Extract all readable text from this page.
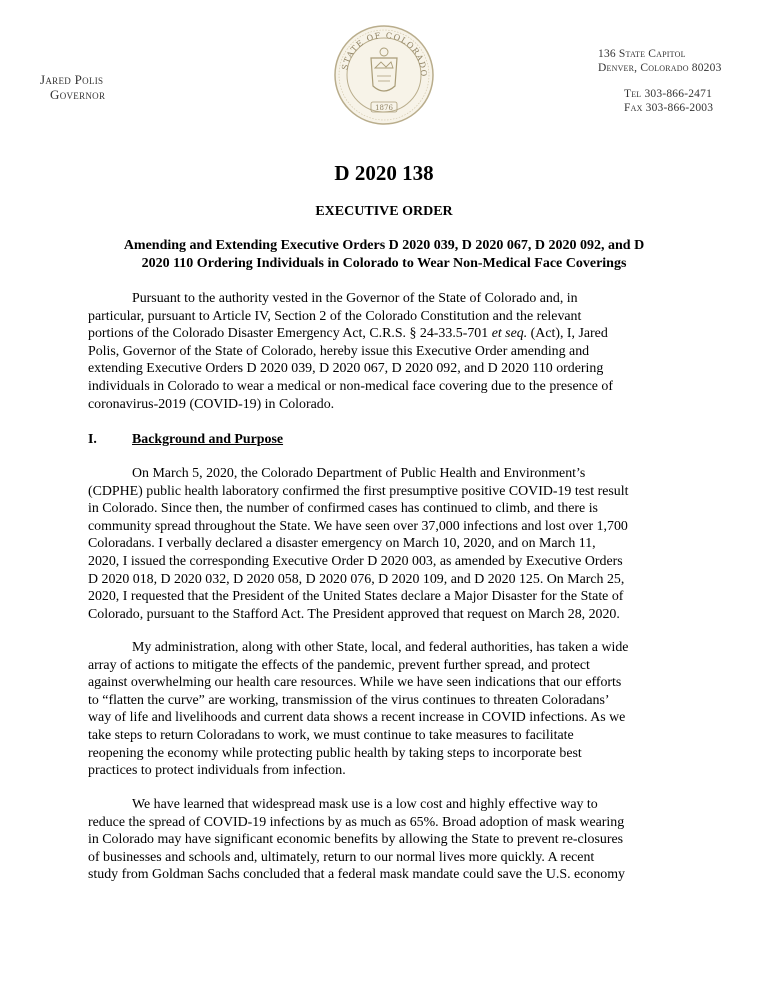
Jared Polis
Governor
STATE OF COLORADO
1876
136 State Capitol
Denver, Colorado 80203
Tel 303-866-2471
Fax 303-866-2003
D 2020 138
EXECUTIVE ORDER
Amending and Extending Executive Orders D 2020 039, D 2020 067, D 2020 092, and D
2020 110 Ordering Individuals in Colorado to Wear Non-Medical Face Coverings
Pursuant to the authority vested in the Governor of the State of Colorado and, in
particular, pursuant to Article IV, Section 2 of the Colorado Constitution and the relevant
portions of the Colorado Disaster Emergency Act, C.R.S. § 24-33.5-701 et seq. (Act), I, Jared
Polis, Governor of the State of Colorado, hereby issue this Executive Order amending and
extending Executive Orders D 2020 039, D 2020 067, D 2020 092, and D 2020 110 ordering
individuals in Colorado to wear a medical or non-medical face covering due to the presence of
coronavirus-2019 (COVID-19) in Colorado.
I.	Background and Purpose
On March 5, 2020, the Colorado Department of Public Health and Environment’s
(CDPHE) public health laboratory confirmed the first presumptive positive COVID-19 test result
in Colorado. Since then, the number of confirmed cases has continued to climb, and there is
community spread throughout the State. We have seen over 37,000 infections and lost over 1,700
Coloradans. I verbally declared a disaster emergency on March 10, 2020, and on March 11,
2020, I issued the corresponding Executive Order D 2020 003, as amended by Executive Orders
D 2020 018, D 2020 032, D 2020 058, D 2020 076, D 2020 109, and D 2020 125. On March 25,
2020, I requested that the President of the United States declare a Major Disaster for the State of
Colorado, pursuant to the Stafford Act. The President approved that request on March 28, 2020.
My administration, along with other State, local, and federal authorities, has taken a wide
array of actions to mitigate the effects of the pandemic, prevent further spread, and protect
against overwhelming our health care resources. While we have seen indications that our efforts
to “flatten the curve” are working, transmission of the virus continues to threaten Coloradans’
way of life and livelihoods and current data shows a recent increase in COVID infections. As we
take steps to return Coloradans to work, we must continue to take measures to facilitate
reopening the economy while protecting public health by taking steps to incorporate best
practices to protect individuals from infection.
We have learned that widespread mask use is a low cost and highly effective way to
reduce the spread of COVID-19 infections by as much as 65%. Broad adoption of mask wearing
in Colorado may have significant economic benefits by allowing the State to prevent re-closures
of businesses and schools and, ultimately, return to our normal lives more quickly. A recent
study from Goldman Sachs concluded that a federal mask mandate could save the U.S. economy
